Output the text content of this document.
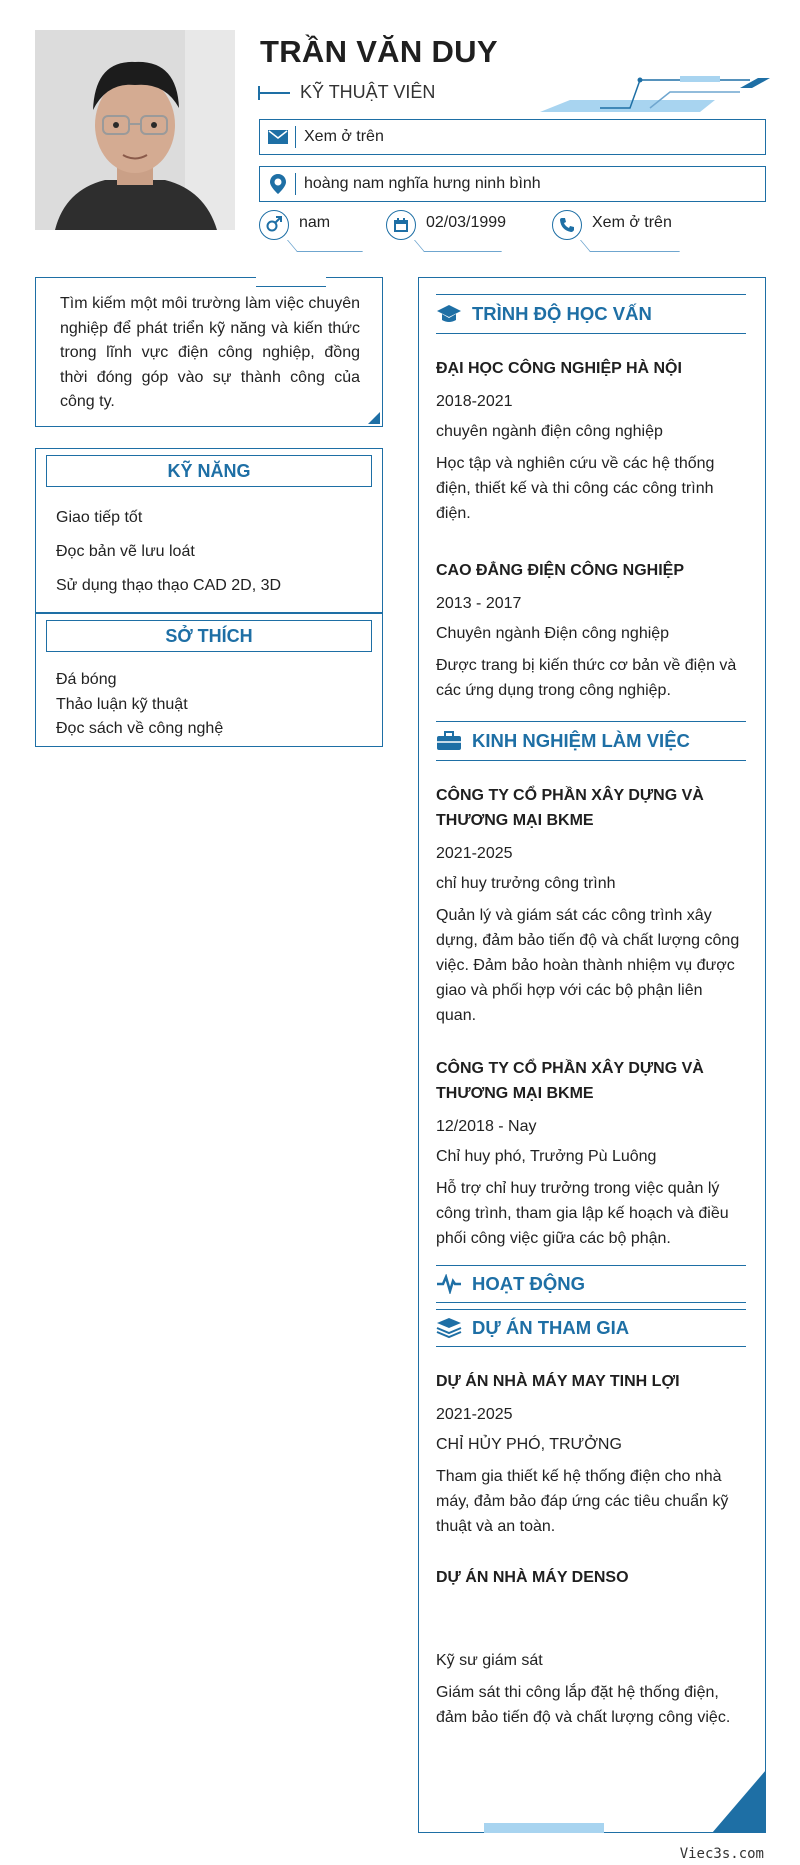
TRẦN VĂN DUY
KỸ THUẬT VIÊN
Xem ở trên
hoàng nam nghĩa hưng ninh bình
nam	02/03/1999	Xem ở trên

Tìm kiếm một môi trường làm việc chuyên nghiệp để phát triển kỹ năng và kiến thức trong lĩnh vực điện công nghiệp, đồng thời đóng góp vào sự thành công của công ty.

KỸ NĂNG
Giao tiếp tốt
Đọc bản vẽ lưu loát
Sử dụng thạo thạo CAD 2D, 3D
SỞ THÍCH
Đá bóng
Thảo luận kỹ thuật
Đọc sách về công nghệ
TRÌNH ĐỘ HỌC VẤN
ĐẠI HỌC CÔNG NGHIỆP HÀ NỘI
2018-2021
chuyên ngành điện công nghiệp
Học tập và nghiên cứu về các hệ thống điện, thiết kế và thi công các công trình điện.
CAO ĐẲNG ĐIỆN CÔNG NGHIỆP
2013 - 2017
Chuyên ngành Điện công nghiệp
Được trang bị kiến thức cơ bản về điện và các ứng dụng trong công nghiệp.
KINH NGHIỆM LÀM VIỆC
CÔNG TY CỔ PHẦN XÂY DỰNG VÀ THƯƠNG MẠI BKME
2021-2025
chỉ huy trưởng công trình
Quản lý và giám sát các công trình xây dựng, đảm bảo tiến độ và chất lượng công việc. Đảm bảo hoàn thành nhiệm vụ được giao và phối hợp với các bộ phận liên quan.
CÔNG TY CỔ PHẦN XÂY DỰNG VÀ THƯƠNG MẠI BKME
12/2018 - Nay
Chỉ huy phó, Trưởng Pù Luông
Hỗ trợ chỉ huy trưởng trong việc quản lý công trình, tham gia lập kế hoạch và điều phối công việc giữa các bộ phận.
HOẠT ĐỘNG
DỰ ÁN THAM GIA
DỰ ÁN NHÀ MÁY MAY TINH LỢI
2021-2025
CHỈ HỦY PHÓ, TRƯỞNG
Tham gia thiết kế hệ thống điện cho nhà máy, đảm bảo đáp ứng các tiêu chuẩn kỹ thuật và an toàn.
DỰ ÁN NHÀ MÁY DENSO
Kỹ sư giám sát
Giám sát thi công lắp đặt hệ thống điện, đảm bảo tiến độ và chất lượng công việc.
Viec3s.com
